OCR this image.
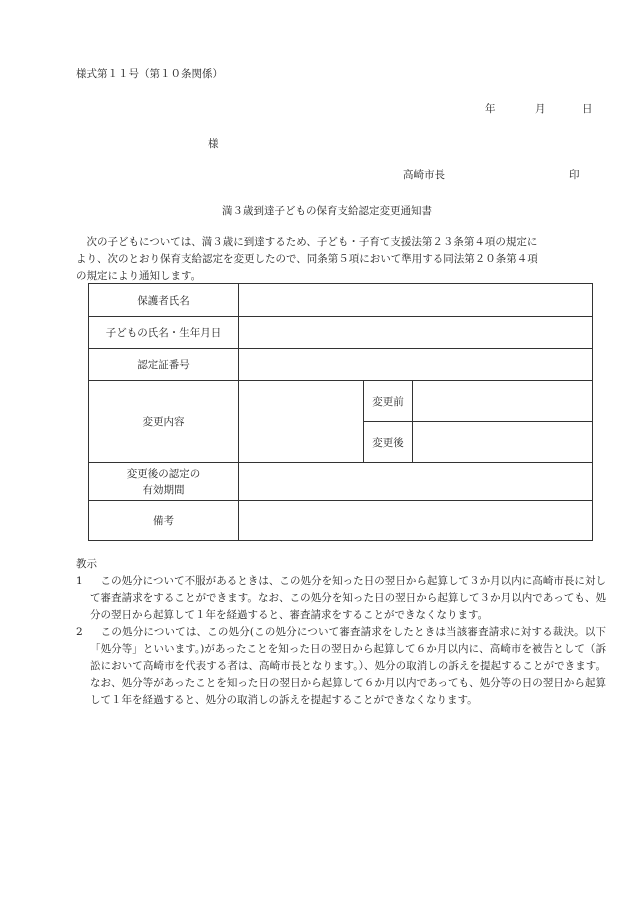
様式第１１号（第１０条関係）
年	月	日
様
高崎市長	印
満３歳到達子どもの保育支給認定変更通知書
　次の子どもについては、満３歳に到達するため、子ども・子育て支援法第２３条第４項の規定に
より、次のとおり保育支給認定を変更したので、同条第５項において準用する同法第２０条第４項
の規定により通知します。
保護者氏名			
子どもの氏名・生年月日			
認定証番号			
変更内容		変更前	
		変更後	

変更後の認定の
有効期間			

備考			
教示
1 　この処分について不服があるときは、この処分を知った日の翌日から起算して３か月以内に高崎市長に対して審査請求をすることができます。なお、この処分を知った日の翌日から起算して３か月以内であっても、処分の翌日から起算して１年を経過すると、審査請求をすることができなくなります。
2 　この処分については、この処分(この処分について審査請求をしたときは当該審査請求に対する裁決。以下「処分等」といいます。)があったことを知った日の翌日から起算して６か月以内に、高崎市を被告として（訴訟において高崎市を代表する者は、高崎市長となります。）、処分の取消しの訴えを提起することができます。なお、処分等があったことを知った日の翌日から起算して６か月以内であっても、処分等の日の翌日から起算して１年を経過すると、処分の取消しの訴えを提起することができなくなります。
